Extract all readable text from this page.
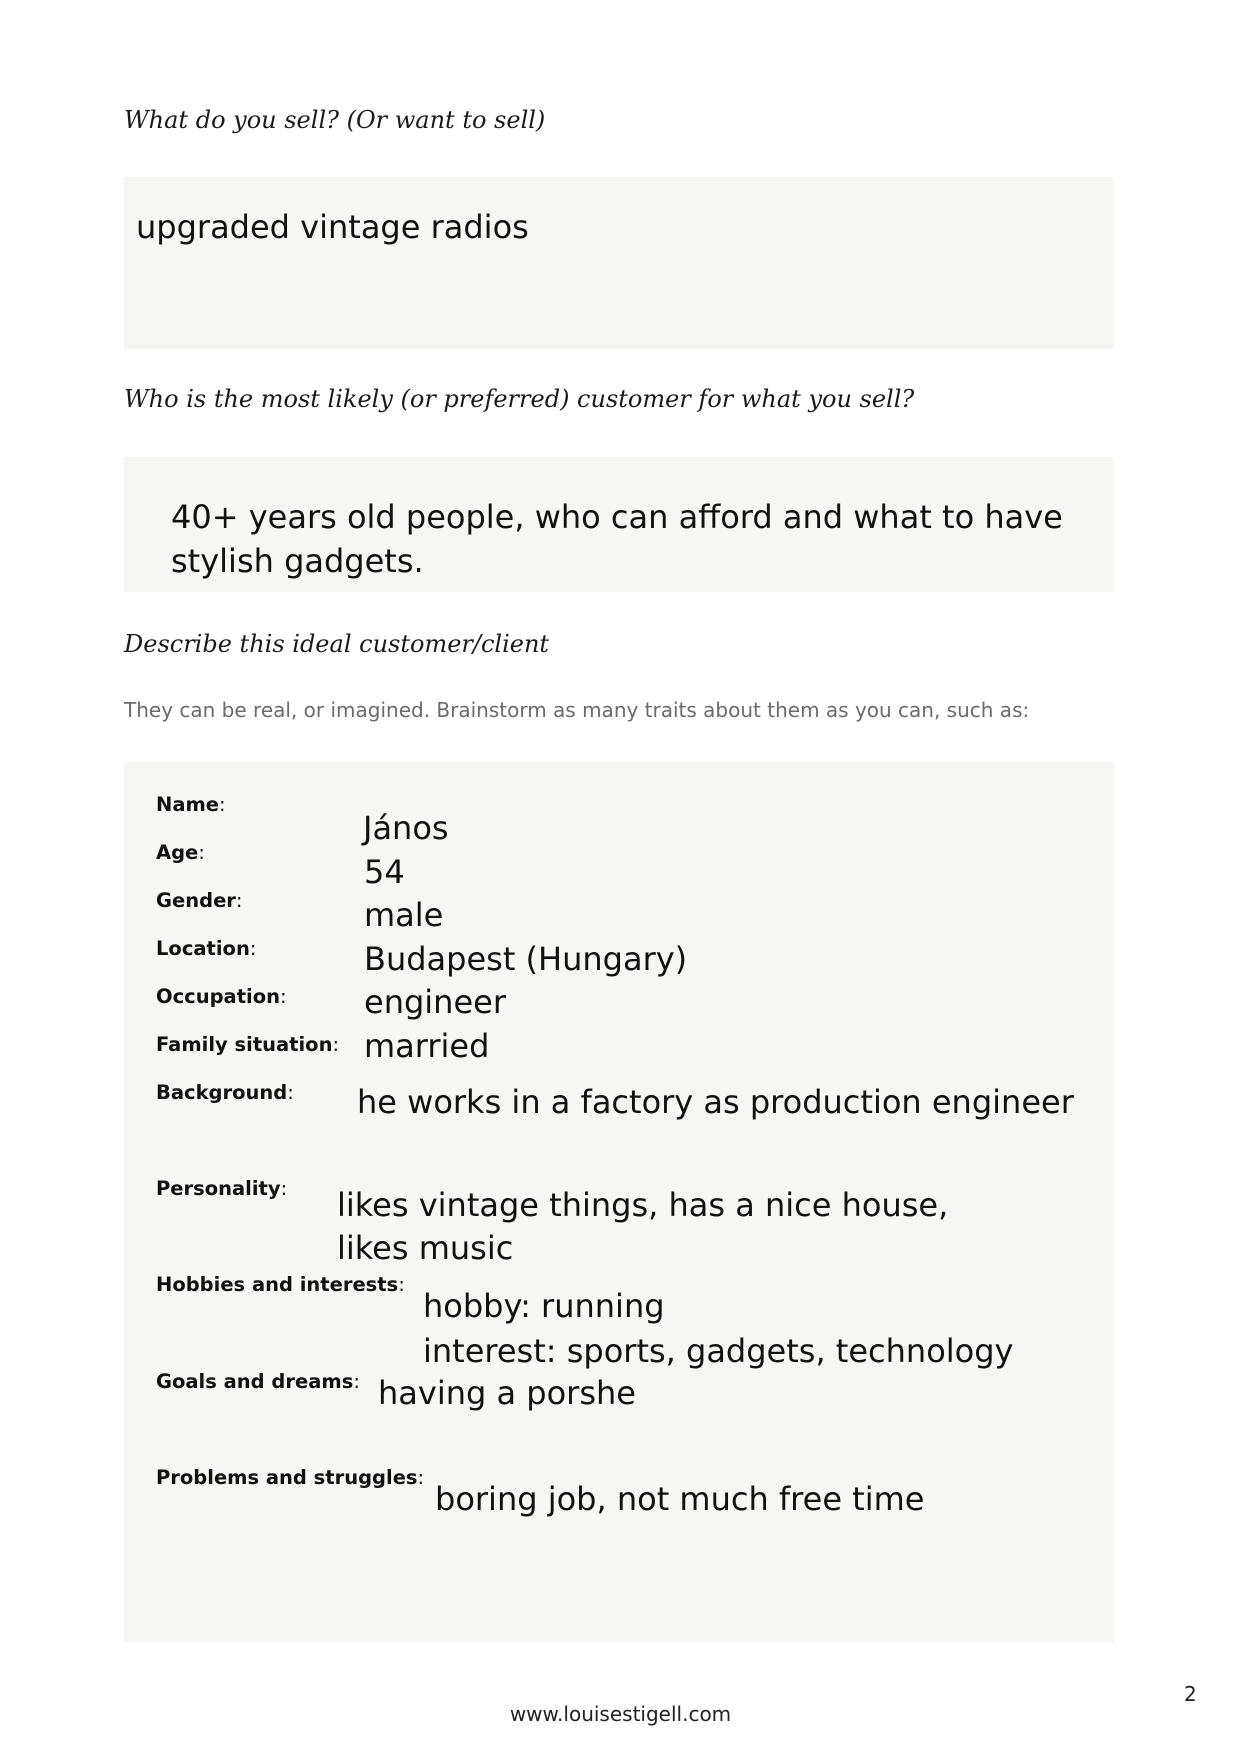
What do you sell? (Or want to sell)

upgraded vintage radios

Who is the most likely (or preferred) customer for what you sell?

40+ years old people, who can afford and what to have
stylish gadgets.

Describe this ideal customer/client

They can be real, or imagined. Brainstorm as many traits about them as you can, such as:

Name:
Age:
Gender:
Location:
Occupation:
Family situation:
Background:
Personality:
Hobbies and interests:
Goals and dreams:
Problems and struggles:
János
54
male
Budapest (Hungary)
engineer
married
he works in a factory as production engineer
likes vintage things, has a nice house,
likes music
hobby: running
interest: sports, gadgets, technology
having a porshe
boring job, not much free time
www.louisestigell.com
2
